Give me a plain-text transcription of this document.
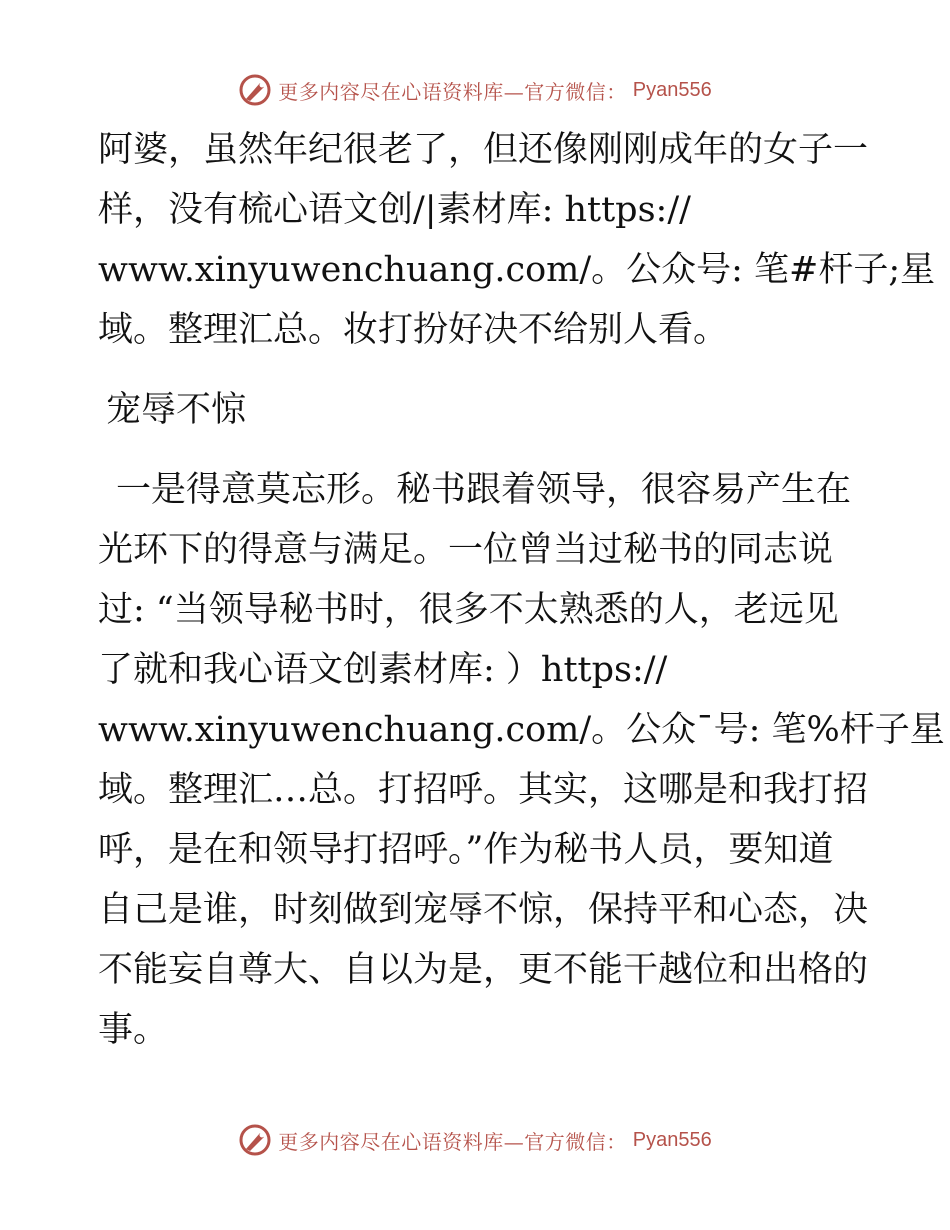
更多内容尽在心语资料库—官方微信： Pyan556
阿婆，虽然年纪很老了，但还像刚刚成年的女子一
样，没有梳心语文创/|素材库: https://
www.xinyuwenchuang.com/。公众号: 笔#杆子;星
域。整理汇总。妆打扮好决不给别人看。
宠辱不惊
一是得意莫忘形。秘书跟着领导，很容易产生在
光环下的得意与满足。一位曾当过秘书的同志说
过: “当领导秘书时，很多不太熟悉的人，老远见
了就和我心语文创素材库: ）https://
www.xinyuwenchuang.com/。公众¯号: 笔%杆子星
域。整理汇…总。打招呼。其实，这哪是和我打招
呼，是在和领导打招呼。”作为秘书人员，要知道
自己是谁，时刻做到宠辱不惊，保持平和心态，决
不能妄自尊大、自以为是，更不能干越位和出格的
事。
更多内容尽在心语资料库—官方微信： Pyan556
